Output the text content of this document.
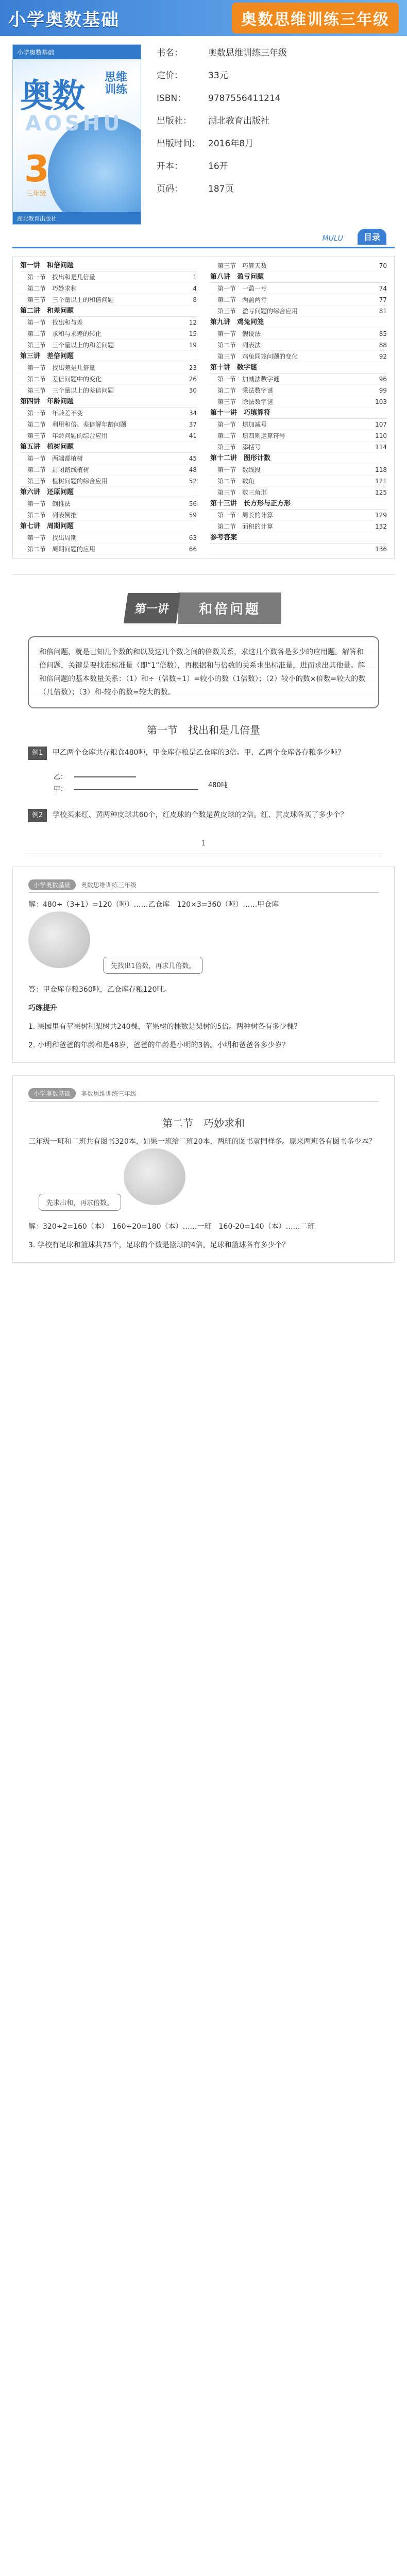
小学奥数基础	奥数思维训练三年级
小学奥数基础
奥数 思维训练
AOSHU
3
三年级
湖北教育出版社
书名：	奥数思维训练三年级
定价：	33元
ISBN：	9787556411214
出版社：	湖北教育出版社
出版时间： 2016年8月
开本：	16开
页码：	187页
MULU	目录
第一讲　和倍问题
第一节　找出和是几倍量	1
第二节　巧妙求和	4
第三节　三个量以上的和倍问题	8
第二讲　和差问题
第一节　找出和与差	12
第二节　求和与求差的转化	15
第三节　三个量以上的和差问题	19
第三讲　差倍问题
第一节　找出差是几倍量	23
第二节　差倍问题中的变化	26
第三节　三个量以上的差倍问题	30
第四讲　年龄问题
第一节　年龄差不变	34
第二节　利用和倍、差倍解年龄问题	37
第三节　年龄问题的综合应用	41
第五讲　植树问题
第一节　两端都植树	45
第二节　封闭路线植树	48
第三节　植树问题的综合应用	52
第六讲　还原问题
第一节　倒推法	56
第二节　列表倒推	59
第七讲　周期问题
第一节　找出周期	63
第二节　周期问题的应用	66
第三节　巧算天数	70
第八讲　盈亏问题
第一节　一盈一亏	74
第二节　两盈两亏	77
第三节　盈亏问题的综合应用	81
第九讲　鸡兔同笼
第一节　假设法	85
第二节　列表法	88
第三节　鸡兔同笼问题的变化	92
第十讲　数字谜
第一节　加减法数字谜	96
第二节　乘法数字谜	99
第三节　除法数字谜	103
第十一讲　巧填算符
第一节　填加减号	107
第二节　填四则运算符号	110
第三节　添括号	114
第十二讲　图形计数
第一节　数线段	118
第二节　数角	121
第三节　数三角形	125
第十三讲　长方形与正方形
第一节　周长的计算	129
第二节　面积的计算	132
参考答案
136
第一讲	和倍问题
和倍问题，就是已知几个数的和以及这几个数之间的倍数关系，求这几个数各是多少的应用题。解答和倍问题，关键是要找准标准量（即“1”倍数），再根据和与倍数的关系求出标准量，进而求出其他量。解和倍问题的基本数量关系：（1）和÷（倍数+1）=较小的数（1倍数）；（2）较小的数×倍数=较大的数（几倍数）；（3）和-较小的数=较大的数。
第一节　找出和是几倍量
例1 甲乙两个仓库共存粮食480吨，甲仓库存粮是乙仓库的3倍。甲、乙两个仓库各存粮多少吨？
乙：
甲：
480吨
例2 学校买来红、黄两种皮球共60个，红皮球的个数是黄皮球的2倍。红、黄皮球各买了多少个？
1
小学奥数基础	奥数思维训练三年级
解：480÷（3+1）=120（吨）……乙仓库　120×3=360（吨）……甲仓库
先找出1倍数，再求几倍数。
答：甲仓库存粮360吨，乙仓库存粮120吨。
巧练提升
1. 果园里有苹果树和梨树共240棵，苹果树的棵数是梨树的5倍。两种树各有多少棵？
2. 小明和爸爸的年龄和是48岁，爸爸的年龄是小明的3倍。小明和爸爸各多少岁？
小学奥数基础	奥数思维训练三年级
第二节　巧妙求和
三年级一班和二班共有图书320本，如果一班给二班20本，两班的图书就同样多。原来两班各有图书多少本？
先求出和，再求倍数。
解：320÷2=160（本）　160+20=180（本）……一班　160-20=140（本）……二班
3. 学校有足球和篮球共75个，足球的个数是篮球的4倍。足球和篮球各有多少个？
